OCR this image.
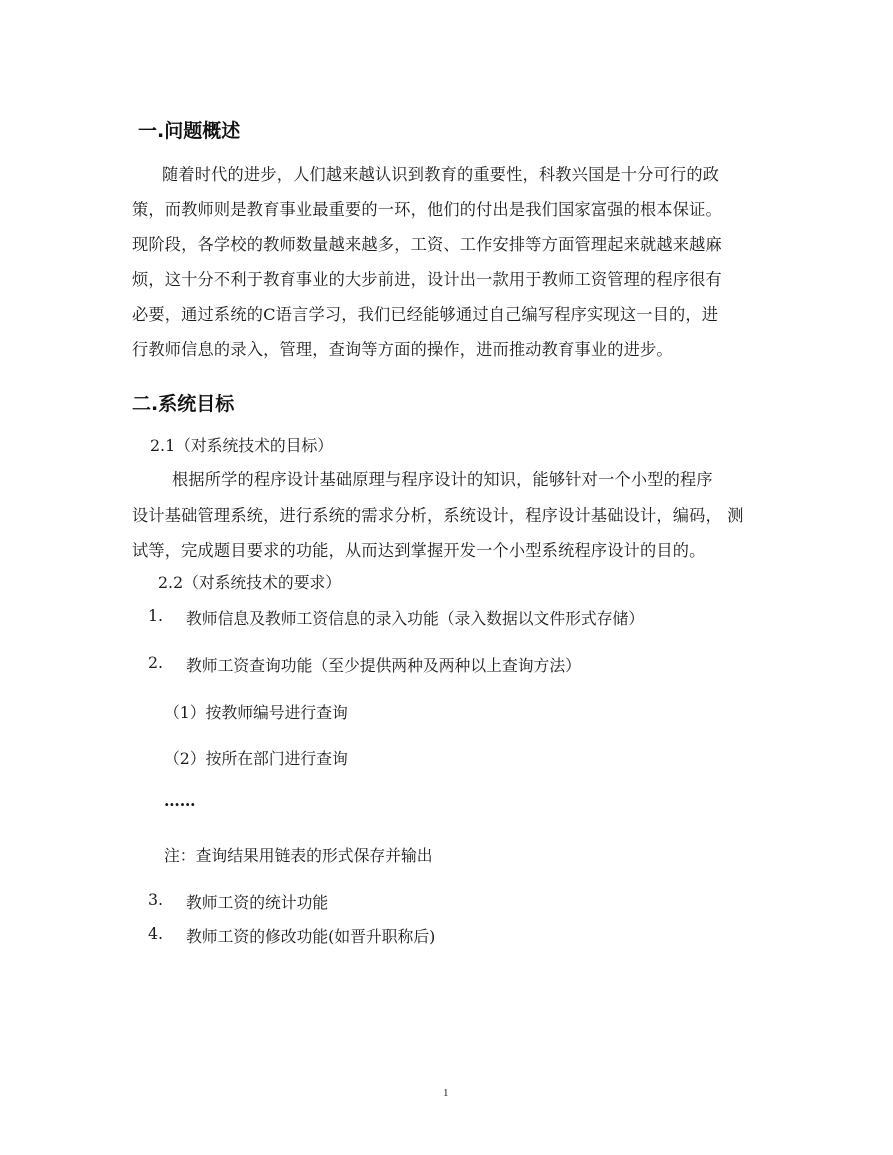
一.问题概述
随着时代的进步，人们越来越认识到教育的重要性，科教兴国是十分可行的政
策，而教师则是教育事业最重要的一环，他们的付出是我们国家富强的根本保证。
现阶段，各学校的教师数量越来越多，工资、工作安排等方面管理起来就越来越麻
烦，这十分不利于教育事业的大步前进，设计出一款用于教师工资管理的程序很有
必要，通过系统的C语言学习，我们已经能够通过自己编写程序实现这一目的，进
行教师信息的录入，管理，查询等方面的操作，进而推动教育事业的进步。
二.系统目标
2.1（对系统技术的目标）
根据所学的程序设计基础原理与程序设计的知识，能够针对一个小型的程序
设计基础管理系统，进行系统的需求分析，系统设计，程序设计基础设计，编码， 测
试等，完成题目要求的功能，从而达到掌握开发一个小型系统程序设计的目的。
2.2（对系统技术的要求）
1. 教师信息及教师工资信息的录入功能（录入数据以文件形式存储）
2. 教师工资查询功能（至少提供两种及两种以上查询方法）
（1）按教师编号进行查询
（2）按所在部门进行查询
……
注：查询结果用链表的形式保存并输出
3. 教师工资的统计功能
4. 教师工资的修改功能(如晋升职称后)
1
